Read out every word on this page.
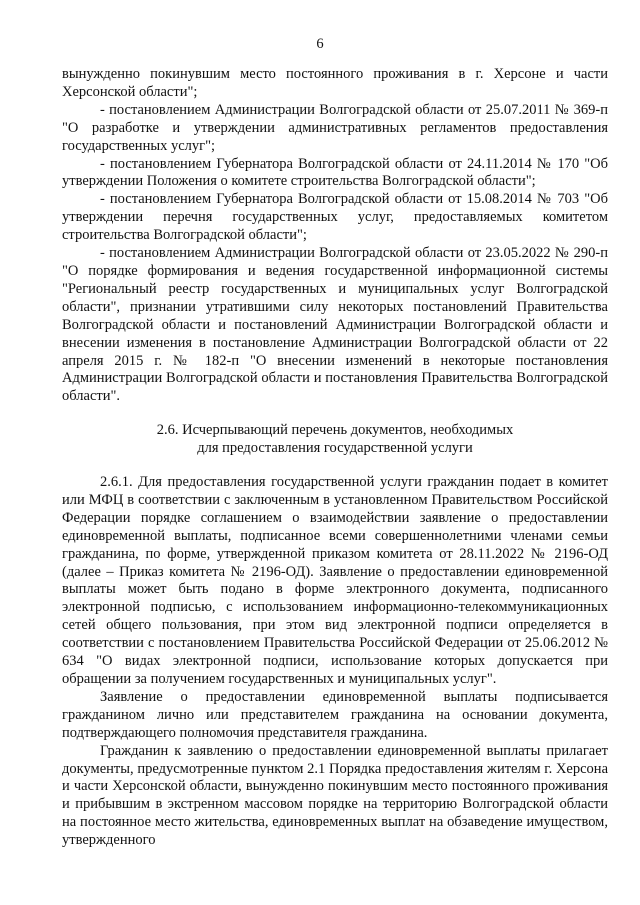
6

вынужденно покинувшим место постоянного проживания в г. Херсоне и части Херсонской области";

- постановлением Администрации Волгоградской области от 25.07.2011 № 369-п "О разработке и утверждении административных регламентов предоставления государственных услуг";

- постановлением Губернатора Волгоградской области от 24.11.2014 № 170 "Об утверждении Положения о комитете строительства Волгоградской области";

- постановлением Губернатора Волгоградской области от 15.08.2014 № 703 "Об утверждении перечня государственных услуг, предоставляемых комитетом строительства Волгоградской области";

- постановлением Администрации Волгоградской области от 23.05.2022 № 290-п "О порядке формирования и ведения государственной информационной системы "Региональный реестр государственных и муниципальных услуг Волгоградской области", признании утратившими силу некоторых постановлений Правительства Волгоградской области и постановлений Администрации Волгоградской области и внесении изменения в постановление Администрации Волгоградской области от 22 апреля 2015 г. № 182-п "О внесении изменений в некоторые постановления Администрации Волгоградской области и постановления Правительства Волгоградской области".

2.6. Исчерпывающий перечень документов, необходимых
для предоставления государственной услуги

2.6.1. Для предоставления государственной услуги гражданин подает в комитет или МФЦ в соответствии с заключенным в установленном Правительством Российской Федерации порядке соглашением о взаимодействии заявление о предоставлении единовременной выплаты, подписанное всеми совершеннолетними членами семьи гражданина, по форме, утвержденной приказом комитета от 28.11.2022 № 2196-ОД (далее – Приказ комитета № 2196-ОД). Заявление о предоставлении единовременной выплаты может быть подано в форме электронного документа, подписанного электронной подписью, с использованием информационно-телекоммуникационных сетей общего пользования, при этом вид электронной подписи определяется в соответствии с постановлением Правительства Российской Федерации от 25.06.2012 № 634 "О видах электронной подписи, использование которых допускается при обращении за получением государственных и муниципальных услуг".

Заявление о предоставлении единовременной выплаты подписывается гражданином лично или представителем гражданина на основании документа, подтверждающего полномочия представителя гражданина.

Гражданин к заявлению о предоставлении единовременной выплаты прилагает документы, предусмотренные пунктом 2.1 Порядка предоставления жителям г. Херсона и части Херсонской области, вынужденно покинувшим место постоянного проживания и прибывшим в экстренном массовом порядке на территорию Волгоградской области на постоянное место жительства, единовременных выплат на обзаведение имуществом, утвержденного
